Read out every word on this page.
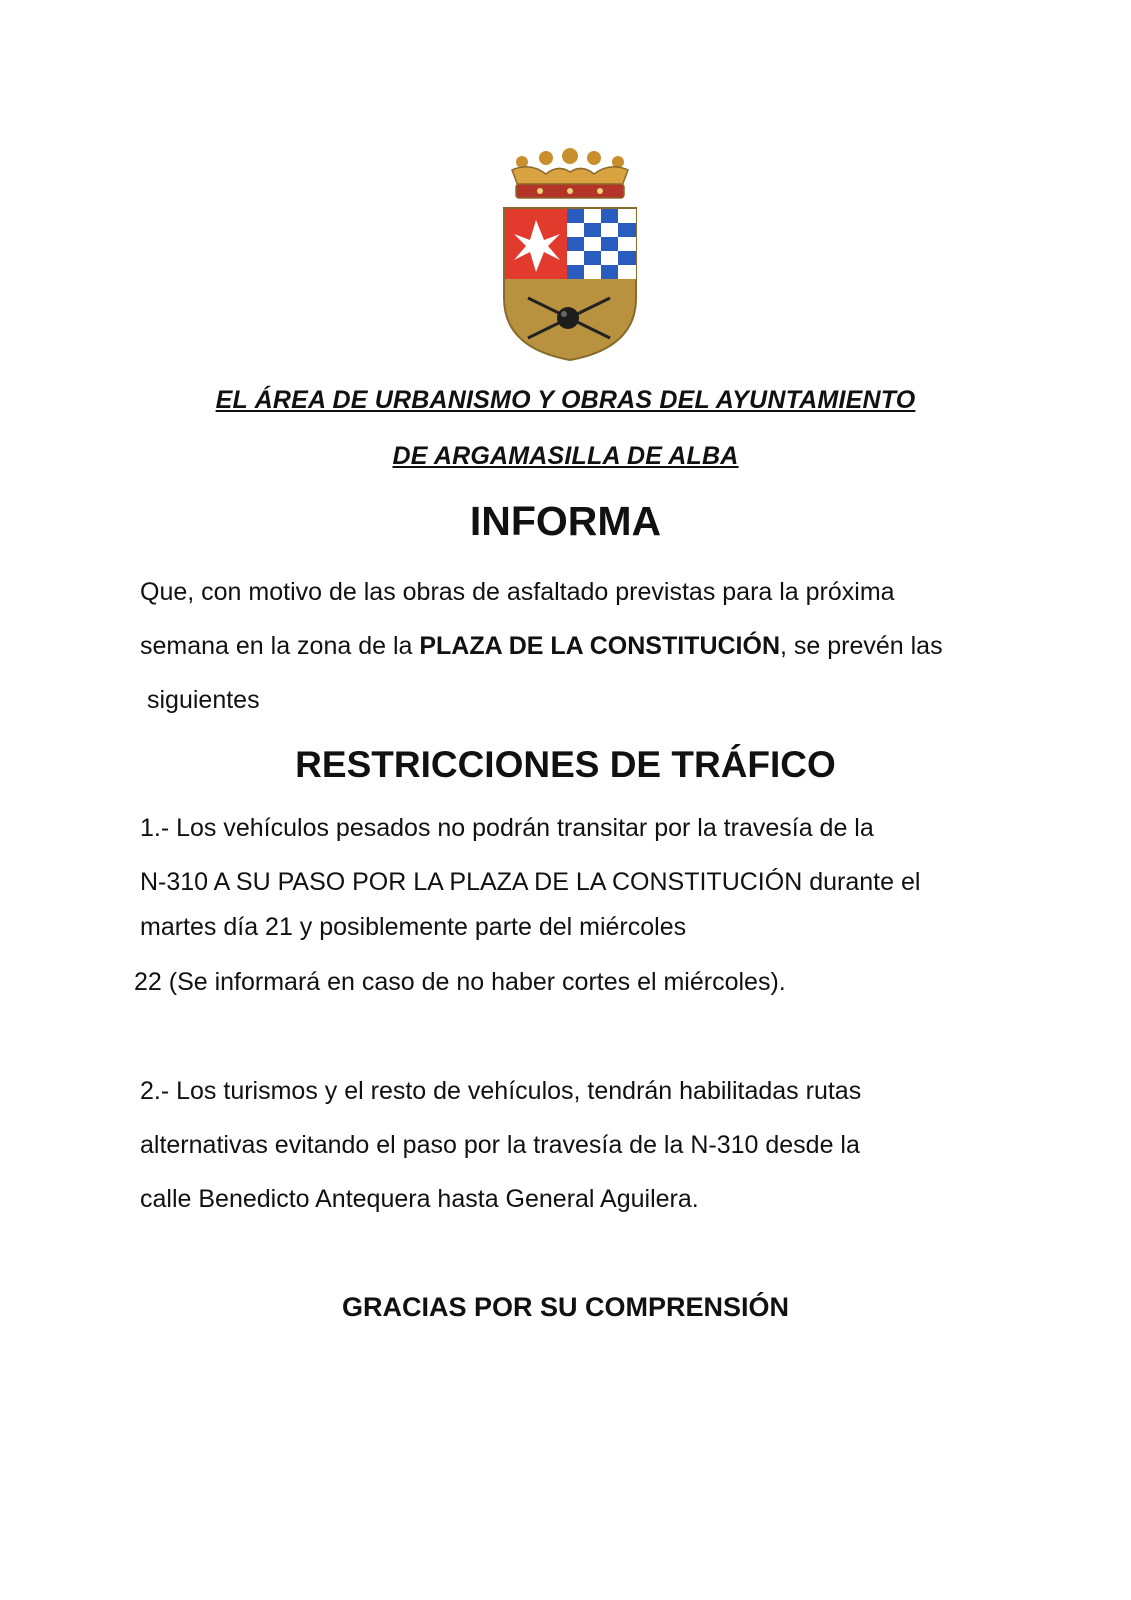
EL ÁREA DE URBANISMO Y OBRAS DEL AYUNTAMIENTO
DE ARGAMASILLA DE ALBA
INFORMA
Que, con motivo de las obras de asfaltado previstas para la próxima
semana en la zona de la PLAZA DE LA CONSTITUCIÓN, se prevén las
siguientes
RESTRICCIONES DE TRÁFICO
1.- Los vehículos pesados no podrán transitar por la travesía de la
N-310 A SU PASO POR LA PLAZA DE LA CONSTITUCIÓN durante el
martes día 21 y posiblemente parte del miércoles
22 (Se informará en caso de no haber cortes el miércoles).
2.- Los turismos y el resto de vehículos, tendrán habilitadas rutas
alternativas evitando el paso por la travesía de la N-310 desde la
calle Benedicto Antequera hasta General Aguilera.
GRACIAS POR SU COMPRENSIÓN
